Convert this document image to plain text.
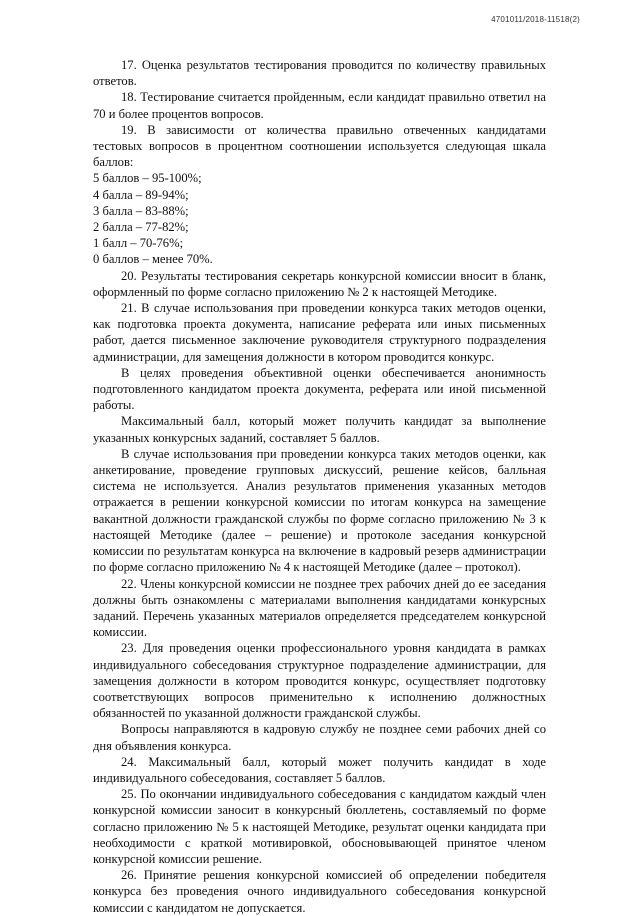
4701011/2018-11518(2)

17. Оценка результатов тестирования проводится по количеству правильных ответов.

18. Тестирование считается пройденным, если кандидат правильно ответил на 70 и более процентов вопросов.

19. В зависимости от количества правильно отвеченных кандидатами тестовых вопросов в процентном соотношении используется следующая шкала баллов:

5 баллов – 95-100%;

4 балла – 89-94%;

3 балла – 83-88%;

2 балла – 77-82%;

1 балл – 70-76%;

0 баллов – менее 70%.

20. Результаты тестирования секретарь конкурсной комиссии вносит в бланк, оформленный по форме согласно приложению № 2 к настоящей Методике.

21. В случае использования при проведении конкурса таких методов оценки, как подготовка проекта документа, написание реферата или иных письменных работ, дается письменное заключение руководителя структурного подразделения администрации, для замещения должности в котором проводится конкурс.

В целях проведения объективной оценки обеспечивается анонимность подготовленного кандидатом проекта документа, реферата или иной письменной работы.

Максимальный балл, который может получить кандидат за выполнение указанных конкурсных заданий, составляет 5 баллов.

В случае использования при проведении конкурса таких методов оценки, как анкетирование, проведение групповых дискуссий, решение кейсов, балльная система не используется. Анализ результатов применения указанных методов отражается в решении конкурсной комиссии по итогам конкурса на замещение вакантной должности гражданской службы по форме согласно приложению № 3 к настоящей Методике (далее – решение) и протоколе заседания конкурсной комиссии по результатам конкурса на включение в кадровый резерв администрации по форме согласно приложению № 4 к настоящей Методике (далее – протокол).

22. Члены конкурсной комиссии не позднее трех рабочих дней до ее заседания должны быть ознакомлены с материалами выполнения кандидатами конкурсных заданий. Перечень указанных материалов определяется председателем конкурсной комиссии.

23. Для проведения оценки профессионального уровня кандидата в рамках индивидуального собеседования структурное подразделение администрации, для замещения должности в котором проводится конкурс, осуществляет подготовку соответствующих вопросов применительно к исполнению должностных обязанностей по указанной должности гражданской службы.

Вопросы направляются в кадровую службу не позднее семи рабочих дней со дня объявления конкурса.

24. Максимальный балл, который может получить кандидат в ходе индивидуального собеседования, составляет 5 баллов.

25. По окончании индивидуального собеседования с кандидатом каждый член конкурсной комиссии заносит в конкурсный бюллетень, составляемый по форме согласно приложению № 5 к настоящей Методике, результат оценки кандидата при необходимости с краткой мотивировкой, обосновывающей принятое членом конкурсной комиссии решение.

26. Принятие решения конкурсной комиссией об определении победителя конкурса без проведения очного индивидуального собеседования конкурсной комиссии с кандидатом не допускается.
